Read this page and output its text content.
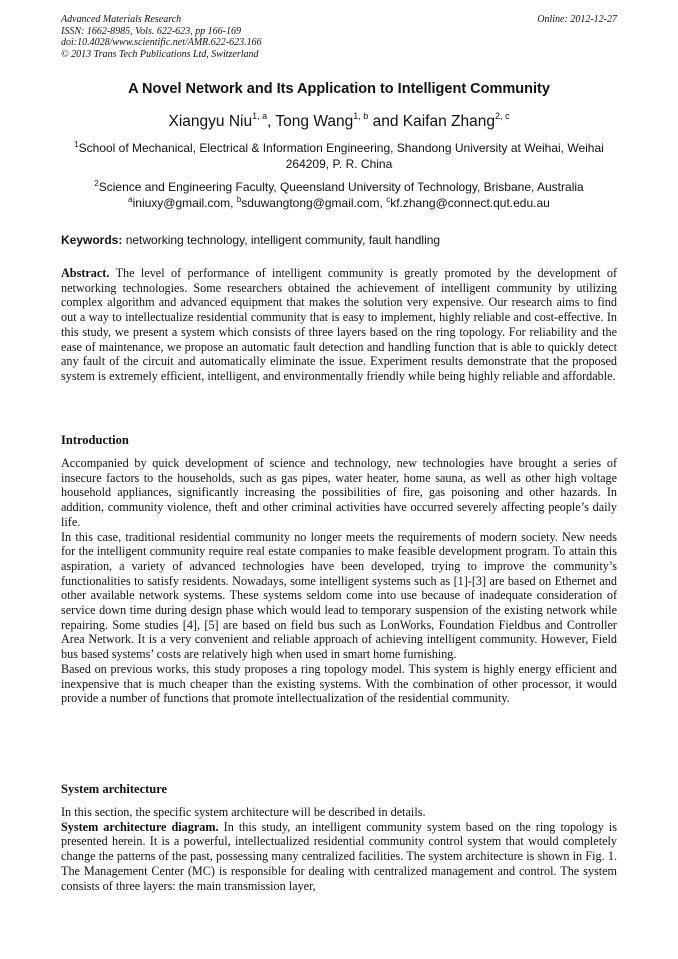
Advanced Materials Research
ISSN: 1662-8985, Vols. 622-623, pp 166-169
doi:10.4028/www.scientific.net/AMR.622-623.166
© 2013 Trans Tech Publications Ltd, Switzerland
Online: 2012-12-27
A Novel Network and Its Application to Intelligent Community
Xiangyu Niu$^{1, a}$, Tong Wang$^{1, b}$ and Kaifan Zhang$^{2, c}$
$^1$School of Mechanical, Electrical & Information Engineering, Shandong University at Weihai, Weihai 264209, P. R. China
$^2$Science and Engineering Faculty, Queensland University of Technology, Brisbane, Australia
$^a$iniuxy@gmail.com, $^b$sduwangtong@gmail.com, $^c$kf.zhang@connect.qut.edu.au
Keywords: networking technology, intelligent community, fault handling
Abstract. The level of performance of intelligent community is greatly promoted by the development of networking technologies. Some researchers obtained the achievement of intelligent community by utilizing complex algorithm and advanced equipment that makes the solution very expensive. Our research aims to find out a way to intellectualize residential community that is easy to implement, highly reliable and cost-effective. In this study, we present a system which consists of three layers based on the ring topology. For reliability and the ease of maintenance, we propose an automatic fault detection and handling function that is able to quickly detect any fault of the circuit and automatically eliminate the issue. Experiment results demonstrate that the proposed system is extremely efficient, intelligent, and environmentally friendly while being highly reliable and affordable.
Introduction

Accompanied by quick development of science and technology, new technologies have brought a series of insecure factors to the households, such as gas pipes, water heater, home sauna, as well as other high voltage household appliances, significantly increasing the possibilities of fire, gas poisoning and other hazards. In addition, community violence, theft and other criminal activities have occurred severely affecting people’s daily life.

In this case, traditional residential community no longer meets the requirements of modern society. New needs for the intelligent community require real estate companies to make feasible development program. To attain this aspiration, a variety of advanced technologies have been developed, trying to improve the community’s functionalities to satisfy residents. Nowadays, some intelligent systems such as [1]-[3] are based on Ethernet and other available network systems. These systems seldom come into use because of inadequate consideration of service down time during design phase which would lead to temporary suspension of the existing network while repairing. Some studies [4], [5] are based on field bus such as LonWorks, Foundation Fieldbus and Controller Area Network. It is a very convenient and reliable approach of achieving intelligent community. However, Field bus based systems’ costs are relatively high when used in smart home furnishing.

Based on previous works, this study proposes a ring topology model. This system is highly energy efficient and inexpensive that is much cheaper than the existing systems. With the combination of other processor, it would provide a number of functions that promote intellectualization of the residential community.

System architecture

In this section, the specific system architecture will be described in details.

System architecture diagram. In this study, an intelligent community system based on the ring topology is presented herein. It is a powerful, intellectualized residential community control system that would completely change the patterns of the past, possessing many centralized facilities. The system architecture is shown in Fig. 1. The Management Center (MC) is responsible for dealing with centralized management and control. The system consists of three layers: the main transmission layer,
